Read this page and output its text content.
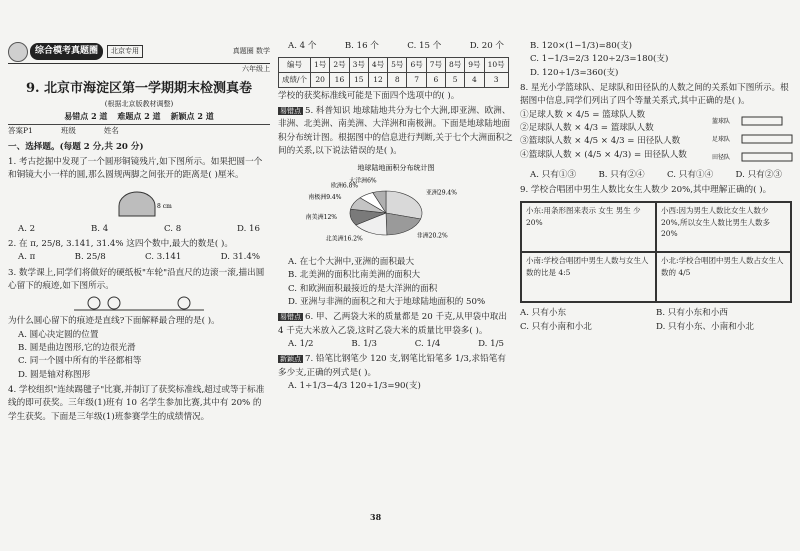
综合模考真题圈	北京专用	真题圈 数学
六年级上
9. 北京市海淀区第一学期期末检测真卷
(根据北京版教材调整)
易错点 2 道 难题点 2 道 新颖点 2 道
答案P1	班级	姓名
一、选择题。(每题 2 分,共 20 分)
1. 考古挖掘中发现了一个圆形铜镜残片,如下图所示。如果把圆一个和铜镜大小一样的圆,那么圆规两脚之间张开的距离是( )厘米。
8 cm
A. 2	B. 4	C. 8	D. 16
2. 在 π, 25/8, 3.141, 31.4% 这四个数中,最大的数是( )。
A. π	B. 25/8	C. 3.141	D. 31.4%
3. 数学课上,同学们将做好的硬纸板"车轮"沿直尺的边滚一滚,描出圆心留下的痕迹,如下图所示。
为什么圆心留下的痕迹是直线?下面解释最合理的是( )。
A. 圆心决定圆的位置
B. 圆是曲边图形,它的边很光滑
C. 同一个圆中所有的半径都相等
D. 圆是轴对称图形
4. 学校组织"连续踢毽子"比赛,并制订了获奖标准线,超过或等于标准线的即可获奖。三年级(1)班有 10 名学生参加比赛,其中有 20% 的学生获奖。下面是三年级(1)班参赛学生的成绩情况。
A. 4 个	B. 16 个	C. 15 个	D. 20 个
编号	1号	2号	3号	4号	5号	6号	7号	8号	9号	10号
成绩/个	20	16	15	12	8	7	6	5	4	3
学校的获奖标准线可能是下面四个选项中的( )。
易错点 5. 科普知识 地球陆地共分为七个大洲,即亚洲、欧洲、非洲、北美洲、南美洲、大洋洲和南极洲。下面是地球陆地面积分布统计图。根据图中的信息进行判断,关于七个大洲面积之间的关系,以下说法错误的是( )。
地球陆地面积分布统计图
亚洲29.4%
非洲20.2%
北美洲16.2%
南美洲12%
南极洲9.4%
欧洲6.8%
大洋洲6%
A. 在七个大洲中,亚洲的面积最大
B. 北美洲的面积比南美洲的面积大
C. 和欧洲面积最接近的是大洋洲的面积
D. 亚洲与非洲的面积之和大于地球陆地面积的 50%
易错点 6. 甲、乙两袋大米的质量都是 20 千克,从甲袋中取出 4 千克大米放入乙袋,这时乙袋大米的质量比甲袋多( )。
A. 1/2	B. 1/3	C. 1/4	D. 1/5
新颖点 7. 铅笔比钢笔少 120 支,钢笔比铅笔多 1/3,求铅笔有多少支,正确的列式是( )。
A. 1÷1/3−4/3 120÷1/3=90(支)
B. 120×(1−1/3)=80(支)
C. 1−1/3=2/3 120÷2/3=180(支)
D. 120÷1/3=360(支)
8. 星光小学篮球队、足球队和田径队的人数之间的关系如下图所示。根据图中信息,同学们列出了四个等量关系式,其中正确的是( )。
①足球人数 × 4/5 = 篮球队人数
②足球队人数 × 4/3 = 篮球队人数
③篮球队人数 × 4/5 × 4/3 = 田径队人数
④篮球队人数 × (4/5 × 4/3) = 田径队人数
篮球队
足球队
田径队
A. 只有①③	B. 只有②④	C. 只有①④	D. 只有②③
9. 学校合唱团中男生人数比女生人数少 20%,其中理解正确的( )。
小东:用条形图来表示 女生 男生 少20%
小西:因为男生人数比女生人数少20%,所以女生人数比男生人数多20%
小南:学校合唱团中男生人数与女生人数的比是 4:5
小北:学校合唱团中男生人数占女生人数的 4/5
A. 只有小东	B. 只有小东和小西
C. 只有小南和小北	D. 只有小东、小南和小北
38
